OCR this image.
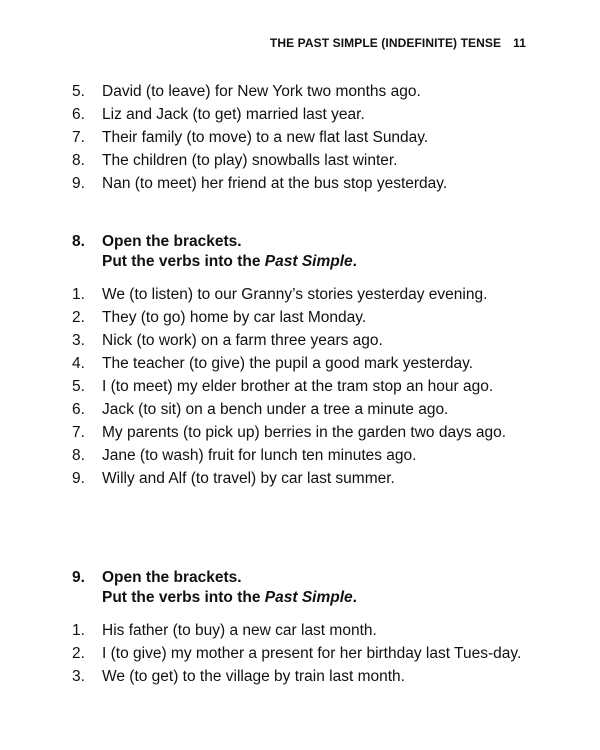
THE PAST SIMPLE (INDEFINITE) TENSE 11
5.	David (to leave) for New York two months ago.
6.	Liz and Jack (to get) married last year.
7.	Their family (to move) to a new flat last Sunday.
8.	The children (to play) snowballs last winter.
9.	Nan (to meet) her friend at the bus stop yesterday.
8.	Open the brackets.
Put the verbs into the Past Simple.
1.	We (to listen) to our Granny’s stories yesterday evening.
2.	They (to go) home by car last Monday.
3.	Nick (to work) on a farm three years ago.
4.	The teacher (to give) the pupil a good mark yesterday.
5.	I (to meet) my elder brother at the tram stop an hour ago.
6.	Jack (to sit) on a bench under a tree a minute ago.
7.	My parents (to pick up) berries in the garden two days ago.
8.	Jane (to wash) fruit for lunch ten minutes ago.
9.	Willy and Alf (to travel) by car last summer.
9.	Open the brackets.
Put the verbs into the Past Simple.
1.	His father (to buy) a new car last month.
2.	I (to give) my mother a present for her birthday last Tues-day.
3.	We (to get) to the village by train last month.
